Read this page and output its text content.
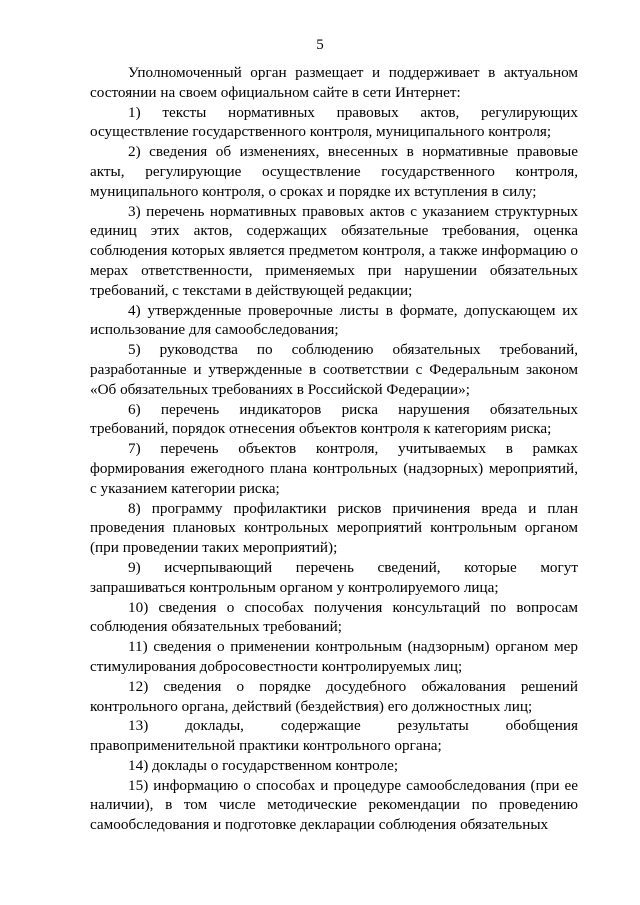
5

Уполномоченный орган размещает и поддерживает в актуальном состоянии на своем официальном сайте в сети Интернет:

1) тексты нормативных правовых актов, регулирующих осуществление государственного контроля, муниципального контроля;

2) сведения об изменениях, внесенных в нормативные правовые акты, регулирующие осуществление государственного контроля, муниципального контроля, о сроках и порядке их вступления в силу;

3) перечень нормативных правовых актов с указанием структурных единиц этих актов, содержащих обязательные требования, оценка соблюдения которых является предметом контроля, а также информацию о мерах ответственности, применяемых при нарушении обязательных требований, с текстами в действующей редакции;

4) утвержденные проверочные листы в формате, допускающем их использование для самообследования;

5) руководства по соблюдению обязательных требований, разработанные и утвержденные в соответствии с Федеральным законом «Об обязательных требованиях в Российской Федерации»;

6) перечень индикаторов риска нарушения обязательных требований, порядок отнесения объектов контроля к категориям риска;

7) перечень объектов контроля, учитываемых в рамках формирования ежегодного плана контрольных (надзорных) мероприятий, с указанием категории риска;

8) программу профилактики рисков причинения вреда и план проведения плановых контрольных мероприятий контрольным органом (при проведении таких мероприятий);

9) исчерпывающий перечень сведений, которые могут запрашиваться контрольным органом у контролируемого лица;

10) сведения о способах получения консультаций по вопросам соблюдения обязательных требований;

11) сведения о применении контрольным (надзорным) органом мер стимулирования добросовестности контролируемых лиц;

12) сведения о порядке досудебного обжалования решений контрольного органа, действий (бездействия) его должностных лиц;

13) доклады, содержащие результаты обобщения правоприменительной практики контрольного органа;

14) доклады о государственном контроле;

15) информацию о способах и процедуре самообследования (при ее наличии), в том числе методические рекомендации по проведению самообследования и подготовке декларации соблюдения обязательных
